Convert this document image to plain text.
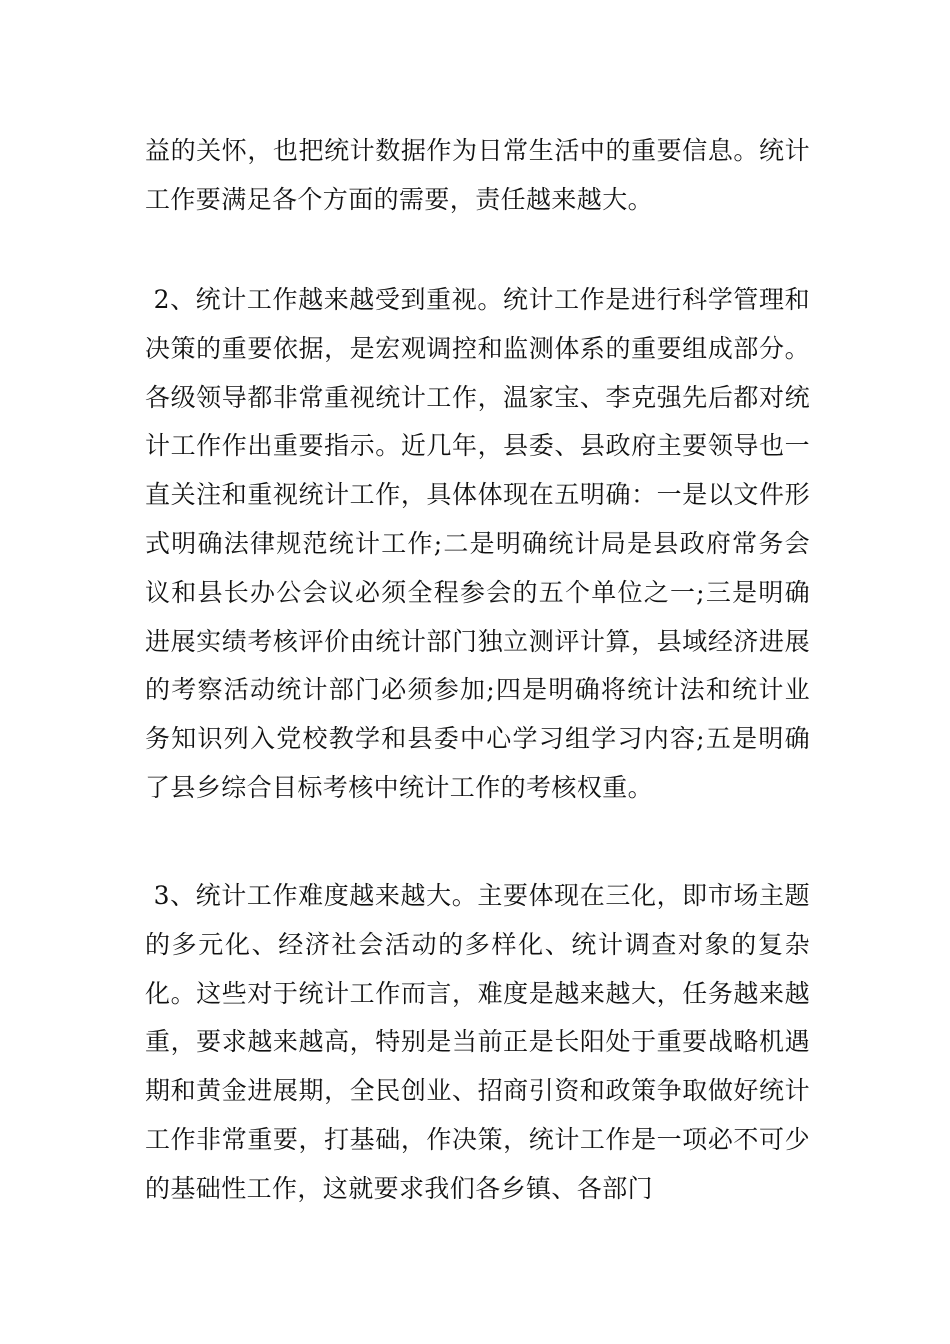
益的关怀，也把统计数据作为日常生活中的重要信息。统计工作要满足各个方面的需要，责任越来越大。

2、统计工作越来越受到重视。统计工作是进行科学管理和决策的重要依据，是宏观调控和监测体系的重要组成部分。各级领导都非常重视统计工作，温家宝、李克强先后都对统计工作作出重要指示。近几年，县委、县政府主要领导也一直关注和重视统计工作，具体体现在五明确：一是以文件形式明确法律规范统计工作;二是明确统计局是县政府常务会议和县长办公会议必须全程参会的五个单位之一;三是明确进展实绩考核评价由统计部门独立测评计算，县域经济进展的考察活动统计部门必须参加;四是明确将统计法和统计业务知识列入党校教学和县委中心学习组学习内容;五是明确了县乡综合目标考核中统计工作的考核权重。

3、统计工作难度越来越大。主要体现在三化，即市场主题的多元化、经济社会活动的多样化、统计调查对象的复杂化。这些对于统计工作而言，难度是越来越大，任务越来越重，要求越来越高，特别是当前正是长阳处于重要战略机遇期和黄金进展期，全民创业、招商引资和政策争取做好统计工作非常重要，打基础，作决策，统计工作是一项必不可少的基础性工作，这就要求我们各乡镇、各部门
